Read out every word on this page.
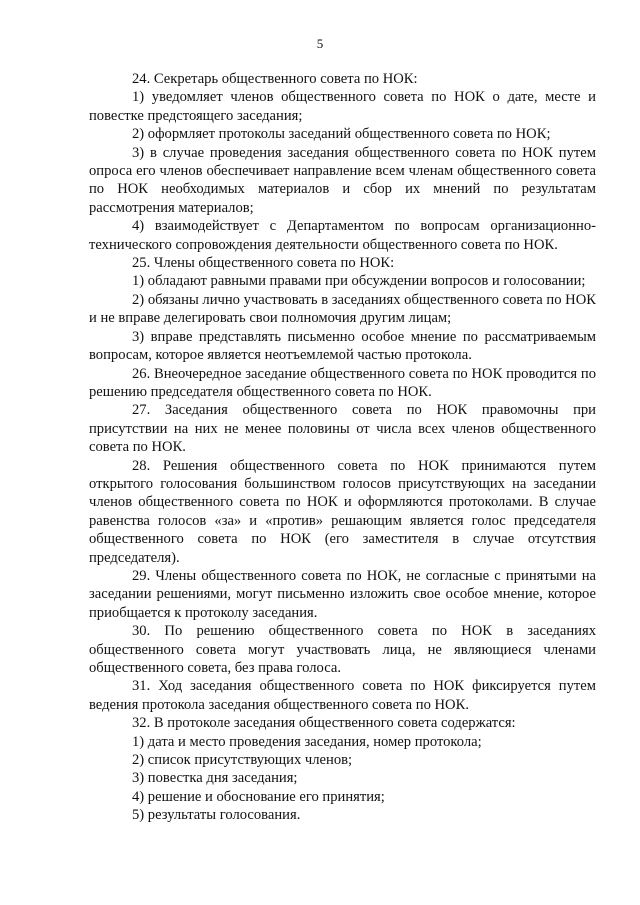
5

24. Секретарь общественного совета по НОК:

1) уведомляет членов общественного совета по НОК о дате, месте и повестке предстоящего заседания;

2) оформляет протоколы заседаний общественного совета по НОК;

3) в случае проведения заседания общественного совета по НОК путем опроса его членов обеспечивает направление всем членам общественного совета по НОК необходимых материалов и сбор их мнений по результатам рассмотрения материалов;

4) взаимодействует с Департаментом по вопросам организационно-технического сопровождения деятельности общественного совета по НОК.

25. Члены общественного совета по НОК:

1) обладают равными правами при обсуждении вопросов и голосовании;

2) обязаны лично участвовать в заседаниях общественного совета по НОК и не вправе делегировать свои полномочия другим лицам;

3) вправе представлять письменно особое мнение по рассматриваемым вопросам, которое является неотъемлемой частью протокола.

26. Внеочередное заседание общественного совета по НОК проводится по решению председателя общественного совета по НОК.

27. Заседания общественного совета по НОК правомочны при присутствии на них не менее половины от числа всех членов общественного совета по НОК.

28. Решения общественного совета по НОК принимаются путем открытого голосования большинством голосов присутствующих на заседании членов общественного совета по НОК и оформляются протоколами. В случае равенства голосов «за» и «против» решающим является голос председателя общественного совета по НОК (его заместителя в случае отсутствия председателя).

29. Члены общественного совета по НОК, не согласные с принятыми на заседании решениями, могут письменно изложить свое особое мнение, которое приобщается к протоколу заседания.

30. По решению общественного совета по НОК в заседаниях общественного совета могут участвовать лица, не являющиеся членами общественного совета, без права голоса.

31. Ход заседания общественного совета по НОК фиксируется путем ведения протокола заседания общественного совета по НОК.

32. В протоколе заседания общественного совета содержатся:

1) дата и место проведения заседания, номер протокола;

2) список присутствующих членов;

3) повестка дня заседания;

4) решение и обоснование его принятия;

5) результаты голосования.
